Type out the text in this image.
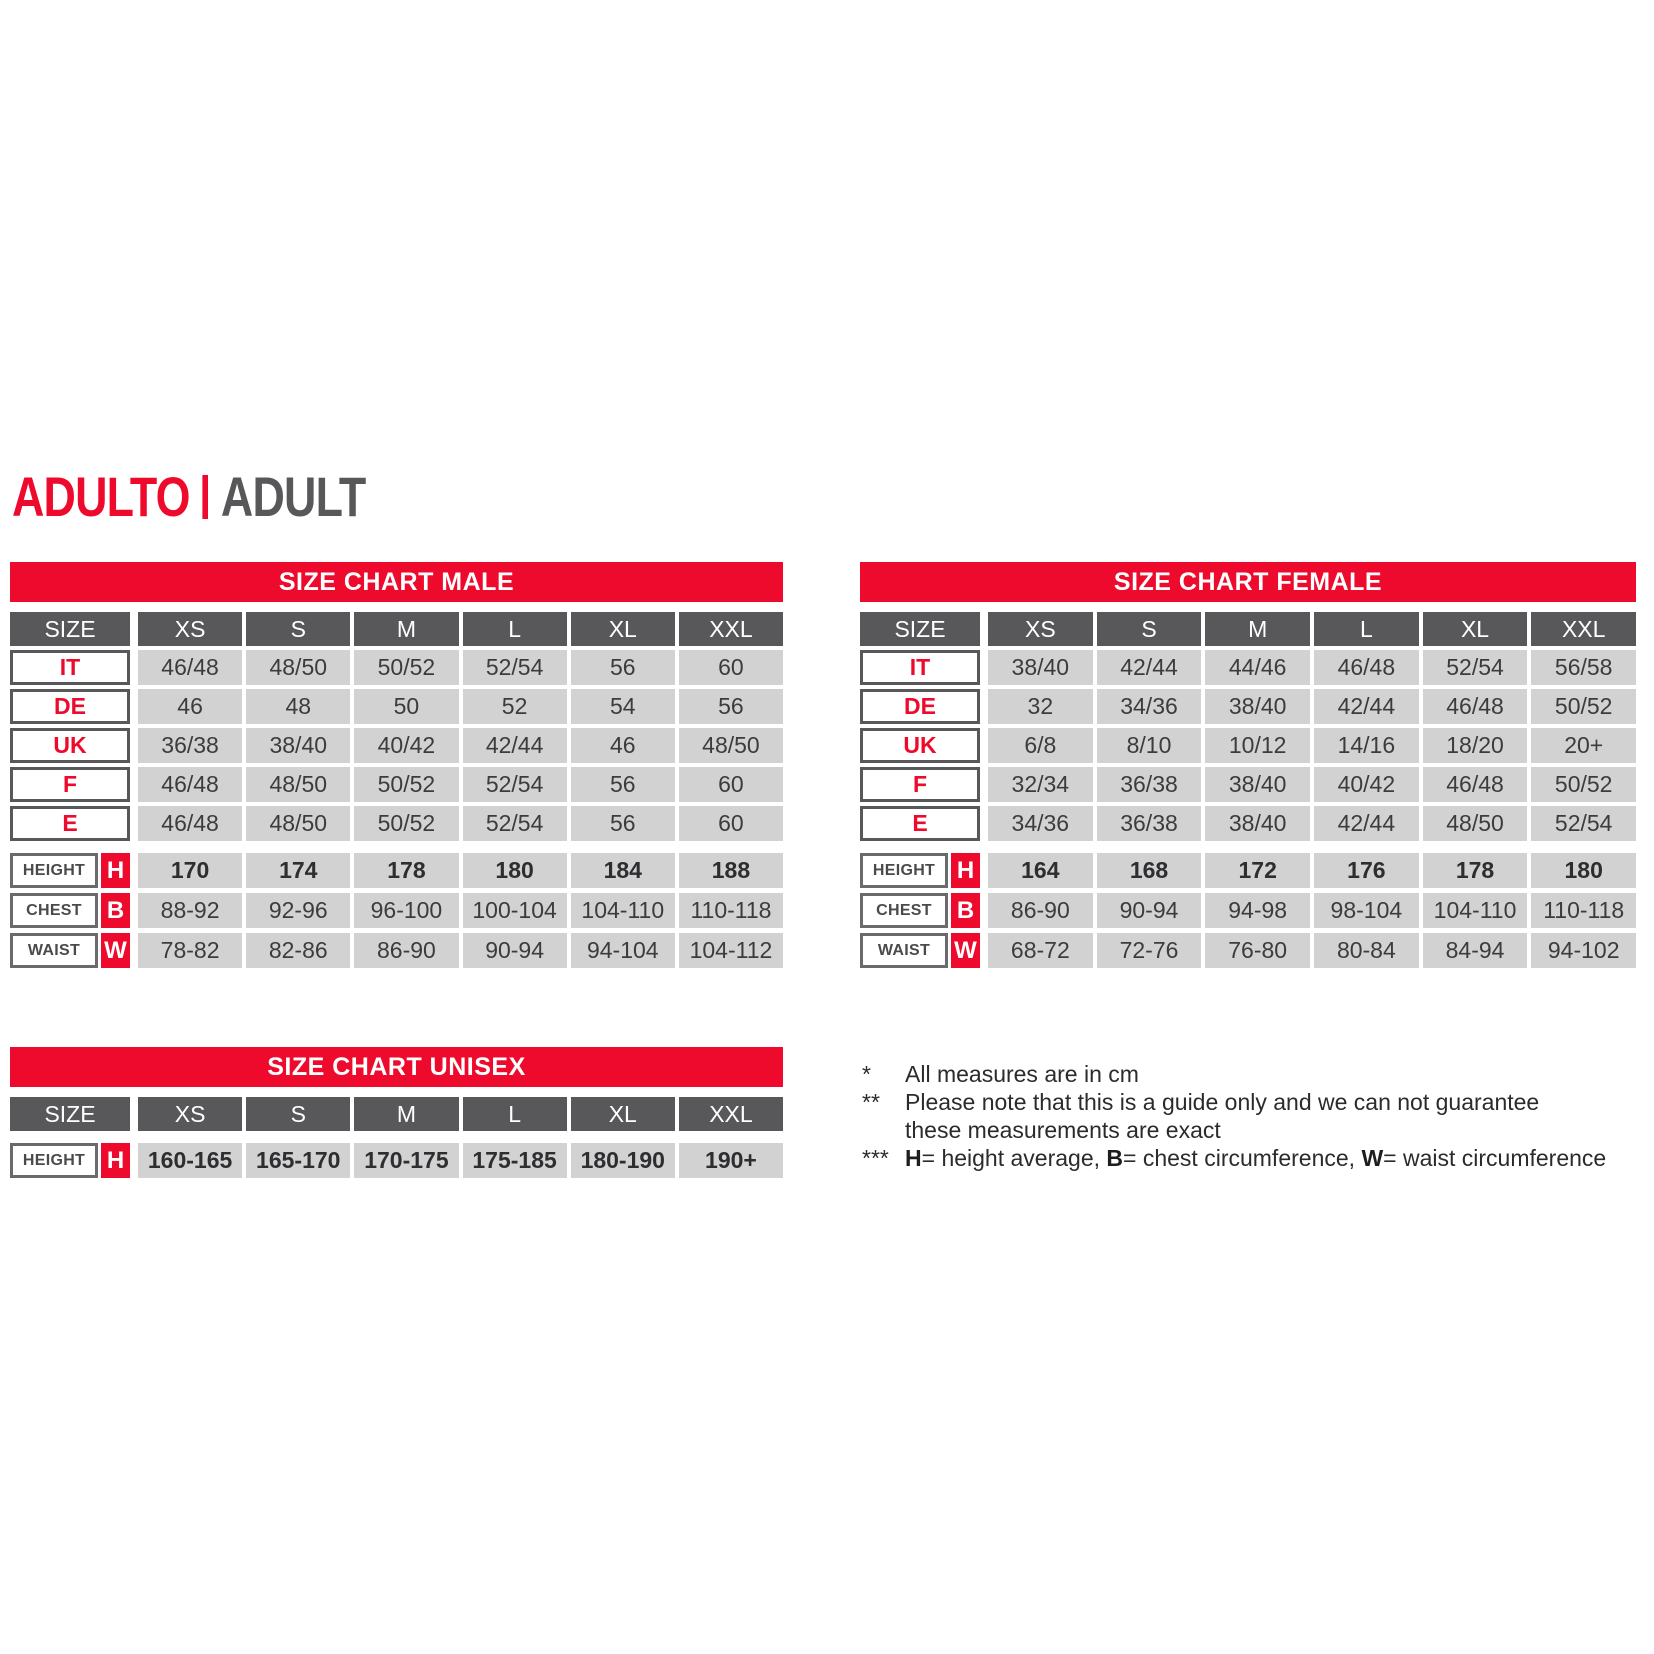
ADULTO ADULT
SIZE CHART MALE
SIZE	XS	S	M	L	XL	XXL
IT	46/48	48/50	50/52	52/54	56	60
DE	46	48	50	52	54	56
UK	36/38	38/40	40/42	42/44	46	48/50
F	46/48	48/50	50/52	52/54	56	60
E	46/48	48/50	50/52	52/54	56	60
HEIGHT H	170	174	178	180	184	188
CHEST	B	88-92	92-96	96-100	100-104	104-110	110-118
WAIST	W	78-82	82-86	86-90	90-94	94-104	104-112
SIZE CHART FEMALE
SIZE	XS	S	M	L	XL	XXL
IT	38/40	42/44	44/46	46/48	52/54	56/58
DE	32	34/36	38/40	42/44	46/48	50/52
UK	6/8	8/10	10/12	14/16	18/20	20+
F	32/34	36/38	38/40	40/42	46/48	50/52
E	34/36	36/38	38/40	42/44	48/50	52/54
HEIGHT H	164	168	172	176	178	180
CHEST	B	86-90	90-94	94-98	98-104	104-110	110-118
WAIST	W	68-72	72-76	76-80	80-84	84-94	94-102
SIZE CHART UNISEX
SIZE	XS	S	M	L	XL	XXL
HEIGHT H	160-165	165-170	170-175	175-185	180-190	190+
*	All measures are in cm
**	Please note that this is a guide only and we can not guarantee these measurements are exact
*** H= height average, B= chest circumference, W= waist circumference
